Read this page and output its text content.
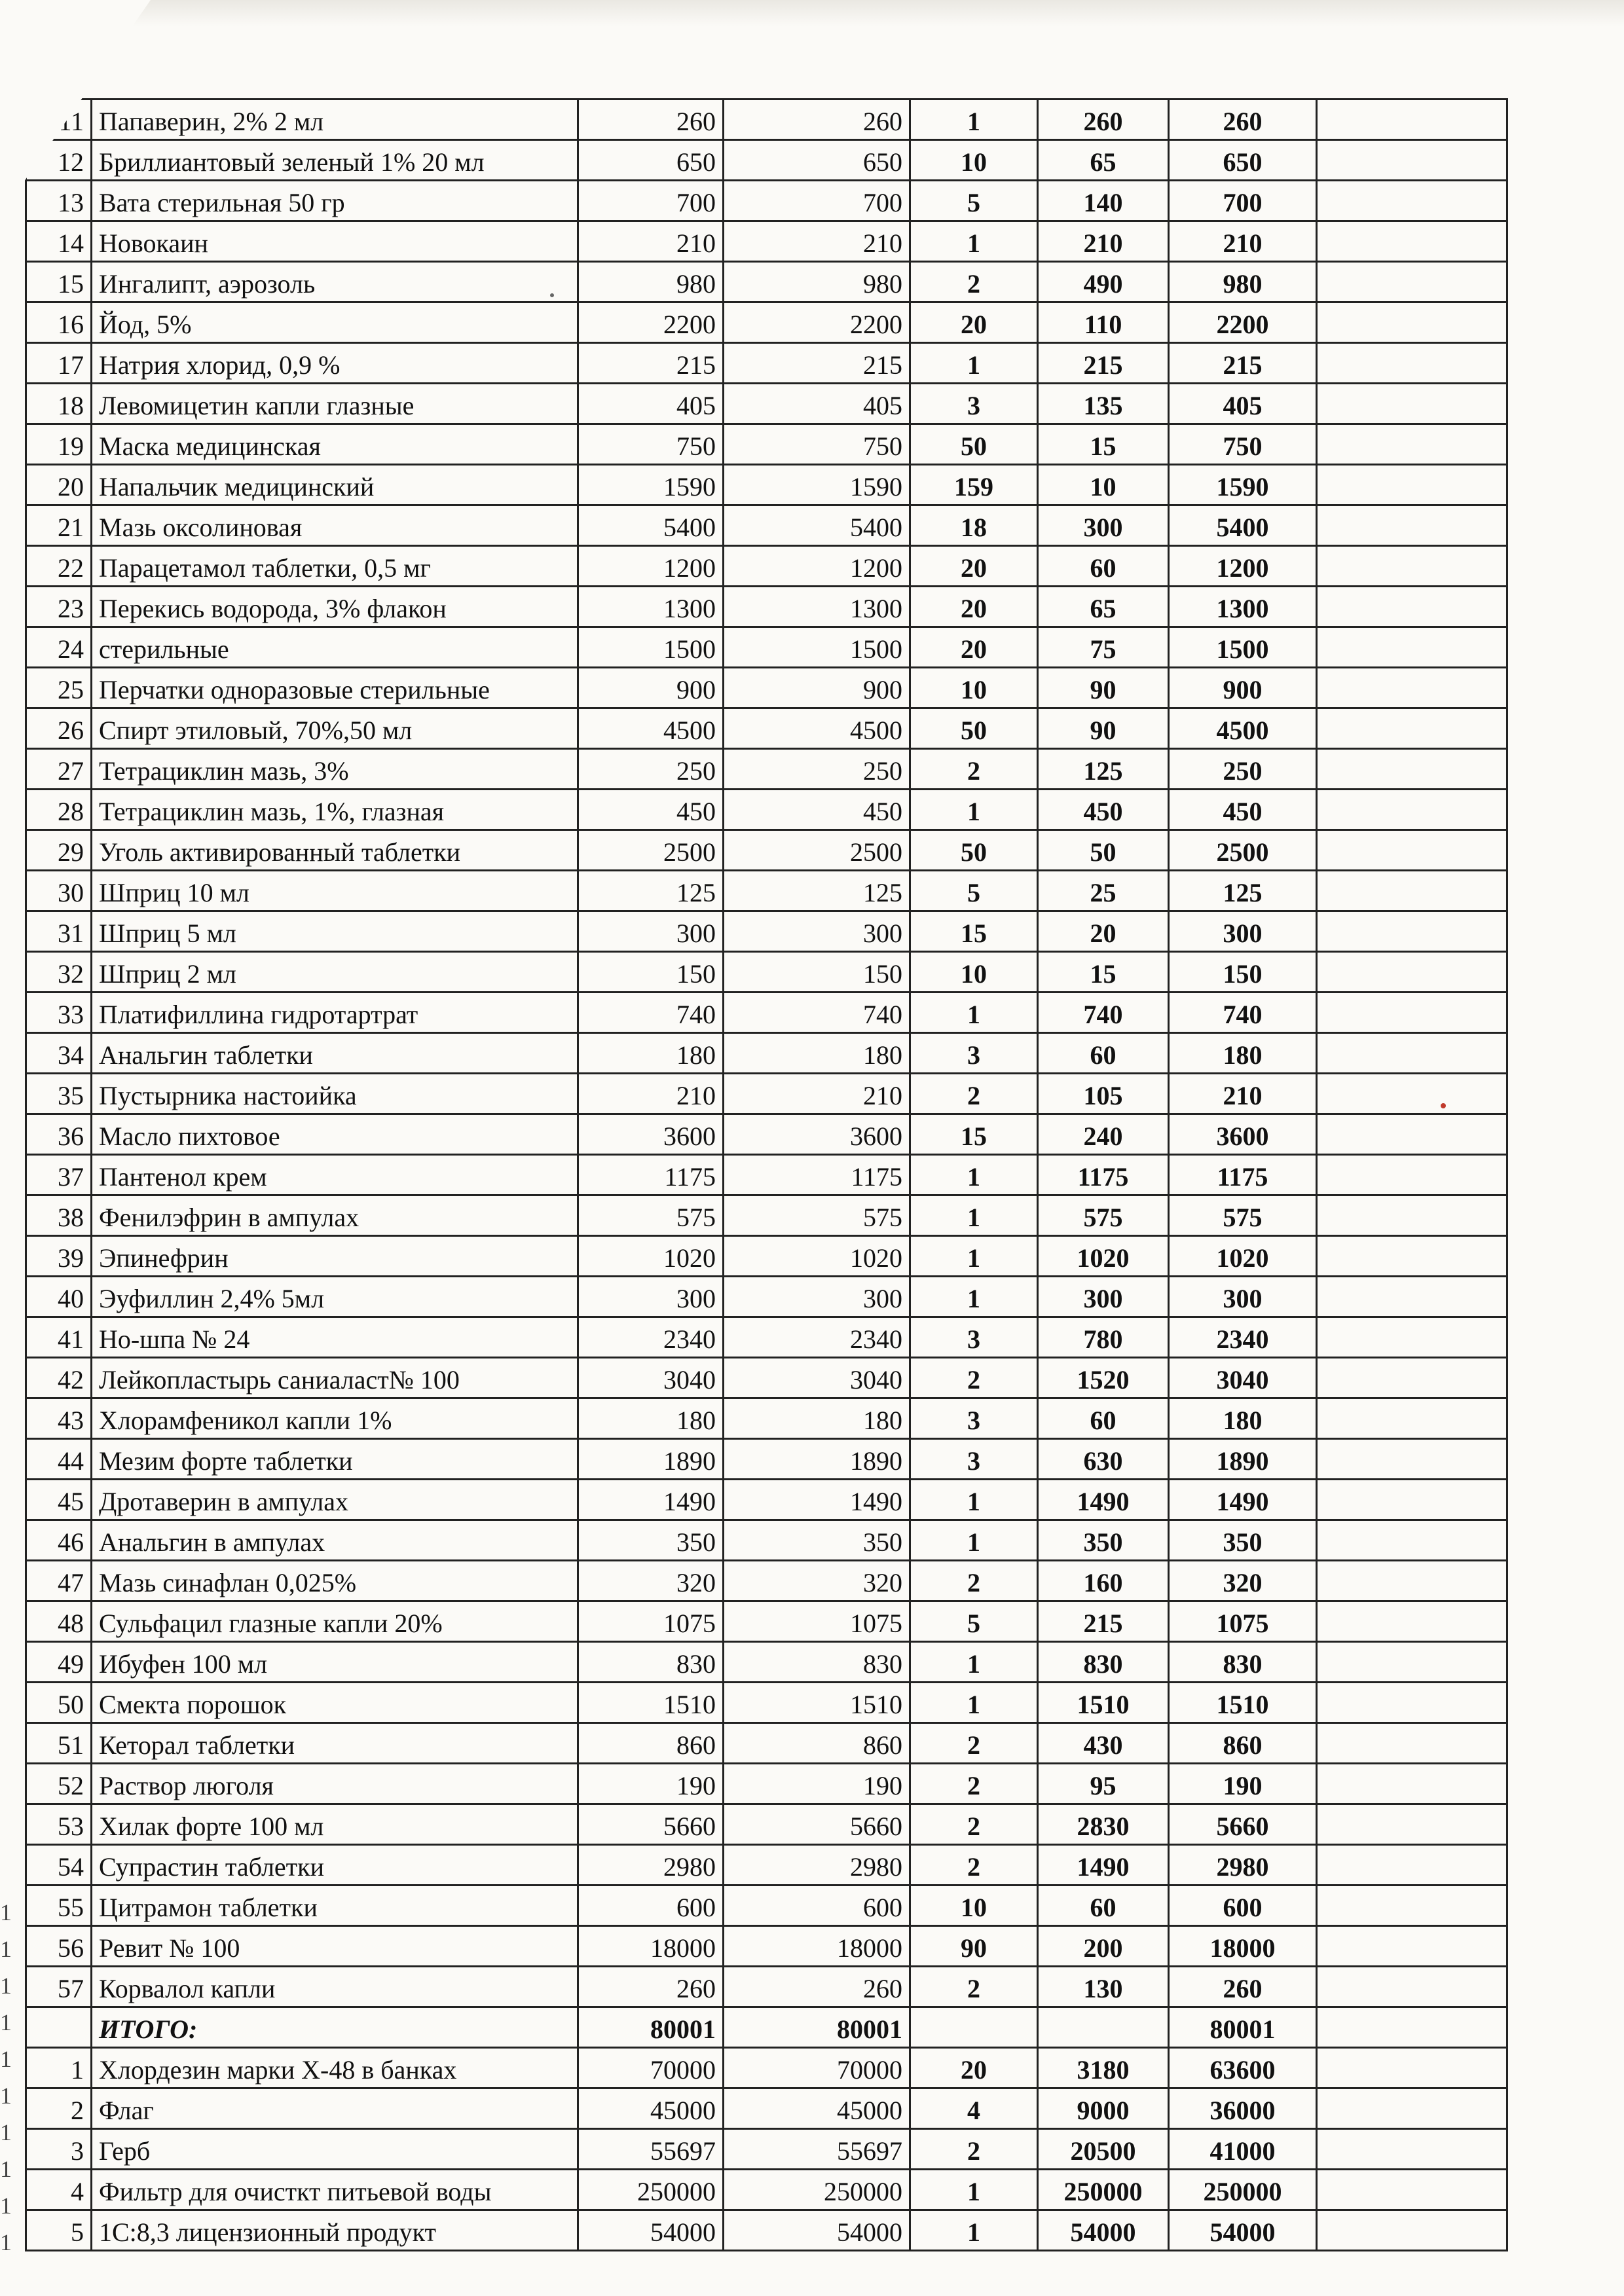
11	Папаверин, 2% 2 мл	260	260	1	260	260	
12	Бриллиантовый зеленый 1% 20 мл	650	650	10	65	650	
13	Вата стерильная 50 гр	700	700	5	140	700	
14	Новокаин	210	210	1	210	210	
15	Ингалипт, аэрозоль	980	980	2	490	980	
16	Йод, 5%	2200	2200	20	110	2200	
17	Натрия хлорид, 0,9 %	215	215	1	215	215	
18	Левомицетин капли глазные	405	405	3	135	405	
19	Маска медицинская	750	750	50	15	750	
20	Напальчик медицинский	1590	1590	159	10	1590	
21	Мазь оксолиновая	5400	5400	18	300	5400	
22	Парацетамол таблетки, 0,5 мг	1200	1200	20	60	1200	
23	Перекись водорода, 3% флакон	1300	1300	20	65	1300	
24	стерильные	1500	1500	20	75	1500	
25	Перчатки одноразовые стерильные	900	900	10	90	900	
26	Спирт этиловый, 70%,50 мл	4500	4500	50	90	4500	
27	Тетрациклин мазь, 3%	250	250	2	125	250	
28	Тетрациклин мазь, 1%, глазная	450	450	1	450	450	
29	Уголь активированный таблетки	2500	2500	50	50	2500	
30	Шприц 10 мл	125	125	5	25	125	
31	Шприц 5 мл	300	300	15	20	300	
32	Шприц 2 мл	150	150	10	15	150	
33	Платифиллина гидротартрат	740	740	1	740	740	
34	Анальгин таблетки	180	180	3	60	180	
35	Пустырника настоийка	210	210	2	105	210	
36	Масло пихтовое	3600	3600	15	240	3600	
37	Пантенол крем	1175	1175	1	1175	1175	
38	Фенилэфрин в ампулах	575	575	1	575	575	
39	Эпинефрин	1020	1020	1	1020	1020	
40	Эуфиллин 2,4% 5мл	300	300	1	300	300	
41	Но-шпа № 24	2340	2340	3	780	2340	
42	Лейкопластырь саниаласт№ 100	3040	3040	2	1520	3040	
43	Хлорамфеникол капли 1%	180	180	3	60	180	
44	Мезим форте таблетки	1890	1890	3	630	1890	
45	Дротаверин в ампулах	1490	1490	1	1490	1490	
46	Анальгин в ампулах	350	350	1	350	350	
47	Мазь синафлан 0,025%	320	320	2	160	320	
48	Сульфацил глазные капли 20%	1075	1075	5	215	1075	
49	Ибуфен 100 мл	830	830	1	830	830	
50	Смекта порошок	1510	1510	1	1510	1510	
51	Кеторал таблетки	860	860	2	430	860	
52	Раствор люголя	190	190	2	95	190	
53	Хилак форте 100 мл	5660	5660	2	2830	5660	
54	Супрастин таблетки	2980	2980	2	1490	2980	
55	Цитрамон таблетки	600	600	10	60	600	
56	Ревит № 100	18000	18000	90	200	18000	
57	Корвалол капли	260	260	2	130	260	
	ИТОГО:	80001	80001			80001	
1	Хлордезин марки Х-48 в банках	70000	70000	20	3180	63600	
2	Флаг	45000	45000	4	9000	36000	
3	Герб	55697	55697	2	20500	41000	
4	Фильтр для очисткт питьевой воды	250000	250000	1	250000	250000	
5	1С:8,3 лицензионный продукт	54000	54000	1	54000	54000	
1
1
1
1
1
1
1
1
1
1
